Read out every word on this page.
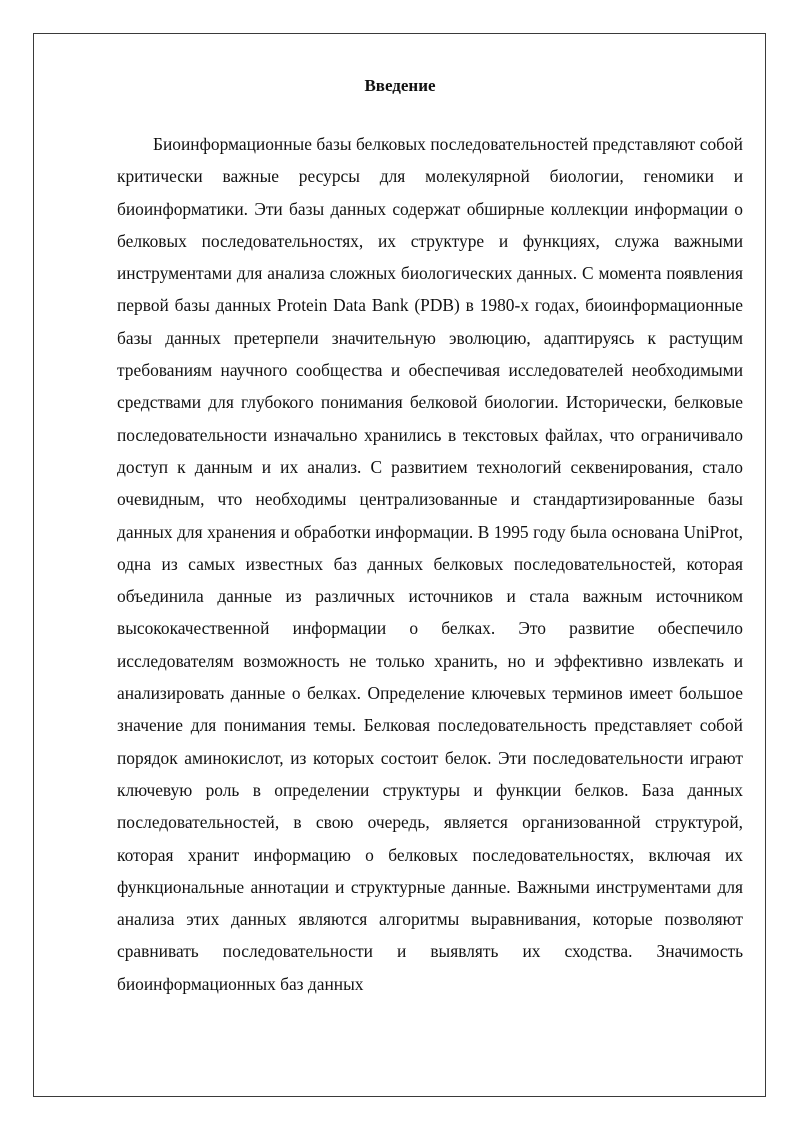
Введение

Биоинформационные базы белковых последовательностей представляют собой критически важные ресурсы для молекулярной биологии, геномики и биоинформатики. Эти базы данных содержат обширные коллекции информации о белковых последовательностях, их структуре и функциях, служа важными инструментами для анализа сложных биологических данных. С момента появления первой базы данных Protein Data Bank (PDB) в 1980-х годах, биоинформационные базы данных претерпели значительную эволюцию, адаптируясь к растущим требованиям научного сообщества и обеспечивая исследователей необходимыми средствами для глубокого понимания белковой биологии. Исторически, белковые последовательности изначально хранились в текстовых файлах, что ограничивало доступ к данным и их анализ. С развитием технологий секвенирования, стало очевидным, что необходимы централизованные и стандартизированные базы данных для хранения и обработки информации. В 1995 году была основана UniProt, одна из самых известных баз данных белковых последовательностей, которая объединила данные из различных источников и стала важным источником высококачественной информации о белках. Это развитие обеспечило исследователям возможность не только хранить, но и эффективно извлекать и анализировать данные о белках. Определение ключевых терминов имеет большое значение для понимания темы. Белковая последовательность представляет собой порядок аминокислот, из которых состоит белок. Эти последовательности играют ключевую роль в определении структуры и функции белков. База данных последовательностей, в свою очередь, является организованной структурой, которая хранит информацию о белковых последовательностях, включая их функциональные аннотации и структурные данные. Важными инструментами для анализа этих данных являются алгоритмы выравнивания, которые позволяют сравнивать последовательности и выявлять их сходства. Значимость биоинформационных баз данных
